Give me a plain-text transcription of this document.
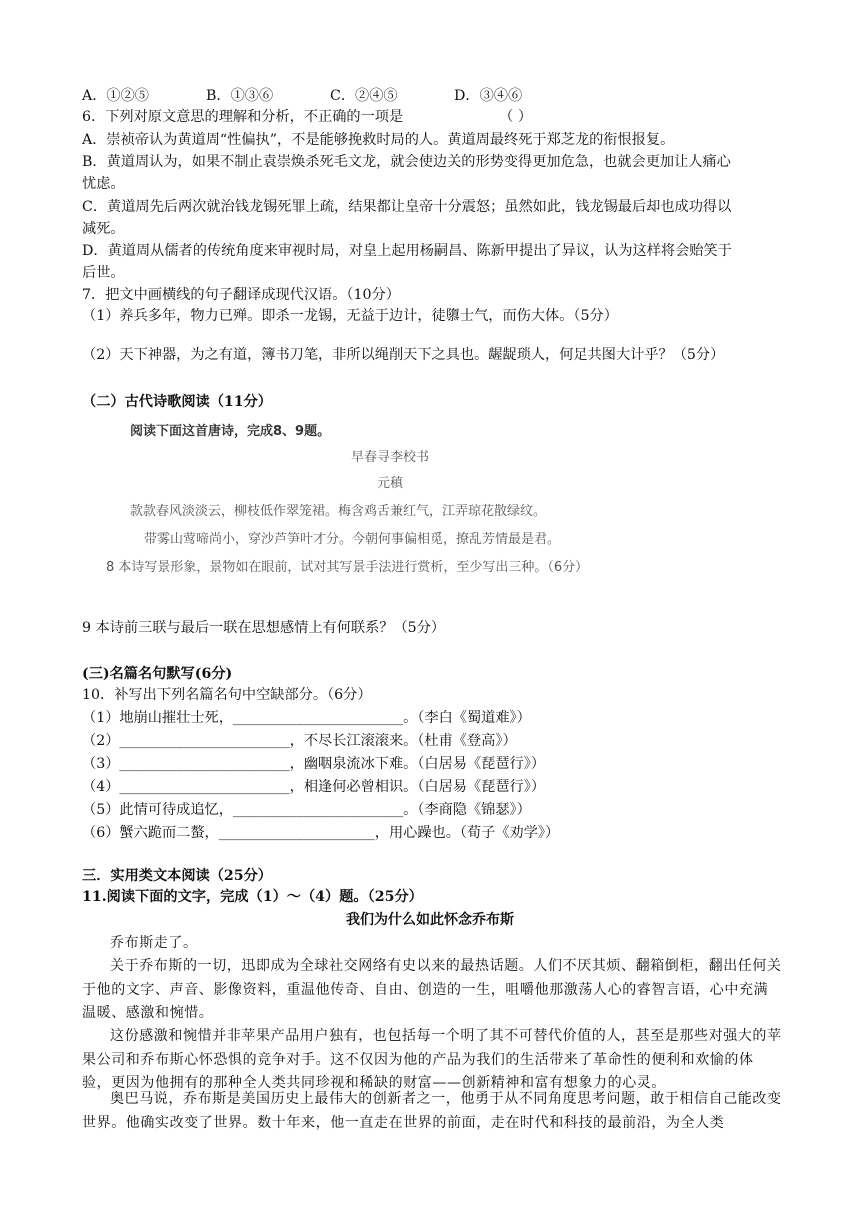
A．①②⑤	B．①③⑥	C．②④⑤	D．③④⑥
6．下列对原文意思的理解和分析，不正确的一项是	（ ）
A．崇祯帝认为黄道周“性偏执”，不是能够挽救时局的人。黄道周最终死于郑芝龙的衔恨报复。
B．黄道周认为，如果不制止袁崇焕杀死毛文龙，就会使边关的形势变得更加危急，也就会更加让人痛心
忧虑。
C．黄道周先后两次就治钱龙锡死罪上疏，结果都让皇帝十分震怒；虽然如此，钱龙锡最后却也成功得以
减死。
D．黄道周从儒者的传统角度来审视时局，对皇上起用杨嗣昌、陈新甲提出了异议，认为这样将会贻笑于
后世。
7．把文中画横线的句子翻译成现代汉语。（10分）
（1）养兵多年，物力已殚。即杀一龙锡，无益于边计，徒隳士气，而伤大体。（5分）
（2）天下神器，为之有道，簿书刀笔，非所以绳削天下之具也。龌龊琐人，何足共图大计乎？（5分）
（二）古代诗歌阅读（11分）
阅读下面这首唐诗，完成8、9题。
早春寻李校书
元稹
款款春风淡淡云，柳枝低作翠笼裙。梅含鸡舌兼红气，江弄琼花散绿纹。
带雾山莺啼尚小，穿沙芦笋叶才分。今朝何事偏相觅，撩乱芳情最是君。
8 本诗写景形象，景物如在眼前，试对其写景手法进行赏析，至少写出三种。（6分）
9 本诗前三联与最后一联在思想感情上有何联系？（5分）
(三)名篇名句默写(6分)
10．补写出下列名篇名句中空缺部分。（6分）
（1）地崩山摧壮士死，________________________。（李白《蜀道难》）
（2）________________________，不尽长江滚滚来。（杜甫《登高》）
（3）________________________，幽咽泉流冰下难。（白居易《琵琶行》）
（4）________________________，相逢何必曾相识。（白居易《琵琶行》）
（5）此情可待成追忆，________________________。（李商隐《锦瑟》）
（6）蟹六跪而二螯，______________________，用心躁也。（荀子《劝学》）
三．实用类文本阅读（25分）
11.阅读下面的文字，完成（1）～（4）题。（25分）
我们为什么如此怀念乔布斯
乔布斯走了。
关于乔布斯的一切，迅即成为全球社交网络有史以来的最热话题。人们不厌其烦、翻箱倒柜，翻出任何关于他的文字、声音、影像资料，重温他传奇、自由、创造的一生，咀嚼他那激荡人心的睿智言语，心中充满温暖、感激和惋惜。
这份感激和惋惜并非苹果产品用户独有，也包括每一个明了其不可替代价值的人，甚至是那些对强大的苹果公司和乔布斯心怀恐惧的竞争对手。这不仅因为他的产品为我们的生活带来了革命性的便利和欢愉的体验，更因为他拥有的那种全人类共同珍视和稀缺的财富——创新精神和富有想象力的心灵。
奥巴马说，乔布斯是美国历史上最伟大的创新者之一，他勇于从不同角度思考问题，敢于相信自己能改变世界。他确实改变了世界。数十年来，他一直走在世界的前面，走在时代和科技的最前沿，为全人类
